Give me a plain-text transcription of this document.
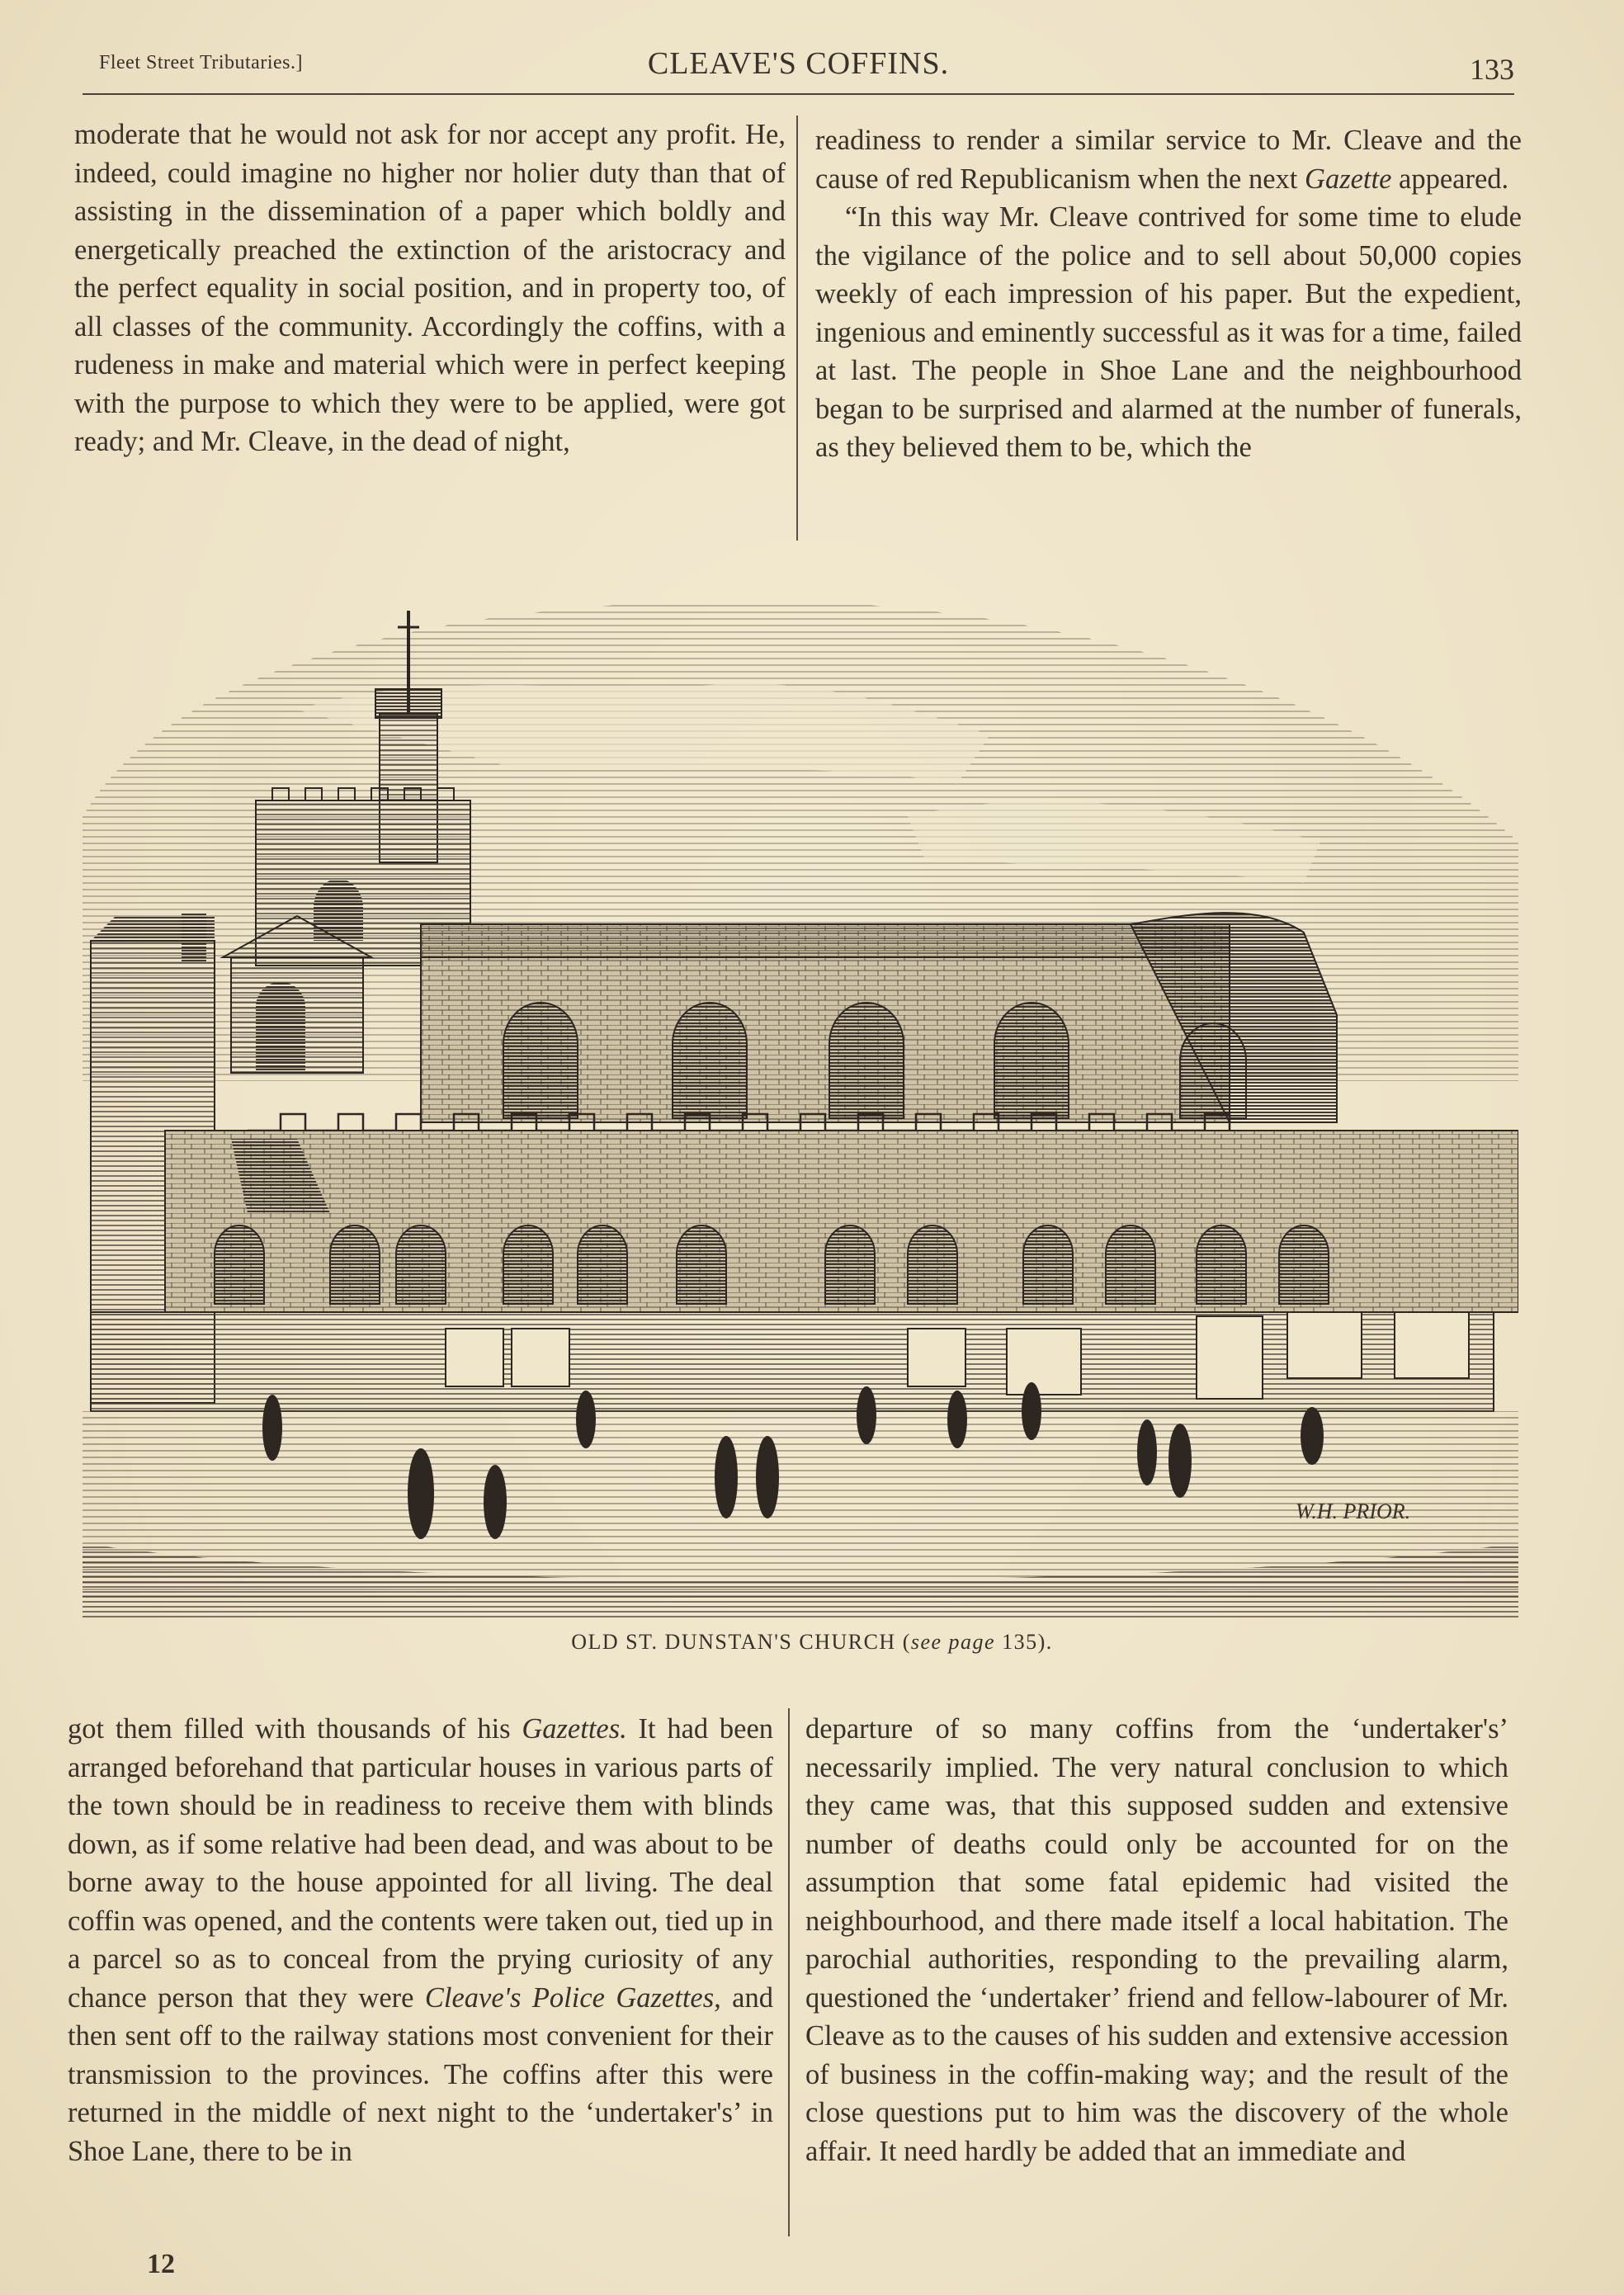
Fleet Street Tributaries.]	CLEAVE'S COFFINS.	133

moderate that he would not ask for nor accept any profit. He, indeed, could imagine no higher nor holier duty than that of assisting in the dissemination of a paper which boldly and energetically preached the extinction of the aristocracy and the perfect equality in social position, and in property too, of all classes of the community. Accordingly the coffins, with a rudeness in make and material which were in perfect keeping with the purpose to which they were to be applied, were got ready; and Mr. Cleave, in the dead of night,

readiness to render a similar service to Mr. Cleave and the cause of red Republicanism when the next Gazette appeared.

“In this way Mr. Cleave contrived for some time to elude the vigilance of the police and to sell about 50,000 copies weekly of each impression of his paper. But the expedient, ingenious and eminently successful as it was for a time, failed at last. The people in Shoe Lane and the neighbourhood began to be surprised and alarmed at the number of funerals, as they believed them to be, which the

W.H. PRIOR.
OLD ST. DUNSTAN'S CHURCH (see page 135).

got them filled with thousands of his Gazettes. It had been arranged beforehand that particular houses in various parts of the town should be in readiness to receive them with blinds down, as if some relative had been dead, and was about to be borne away to the house appointed for all living. The deal coffin was opened, and the contents were taken out, tied up in a parcel so as to conceal from the prying curiosity of any chance person that they were Cleave's Police Gazettes, and then sent off to the railway stations most convenient for their transmission to the provinces. The coffins after this were returned in the middle of next night to the ‘undertaker's’ in Shoe Lane, there to be in

departure of so many coffins from the ‘undertaker's’ necessarily implied. The very natural conclusion to which they came was, that this supposed sudden and extensive number of deaths could only be accounted for on the assumption that some fatal epidemic had visited the neighbourhood, and there made itself a local habitation. The parochial authorities, responding to the prevailing alarm, questioned the ‘undertaker’ friend and fellow-labourer of Mr. Cleave as to the causes of his sudden and extensive accession of business in the coffin-making way; and the result of the close questions put to him was the discovery of the whole affair. It need hardly be added that an immediate and

12
